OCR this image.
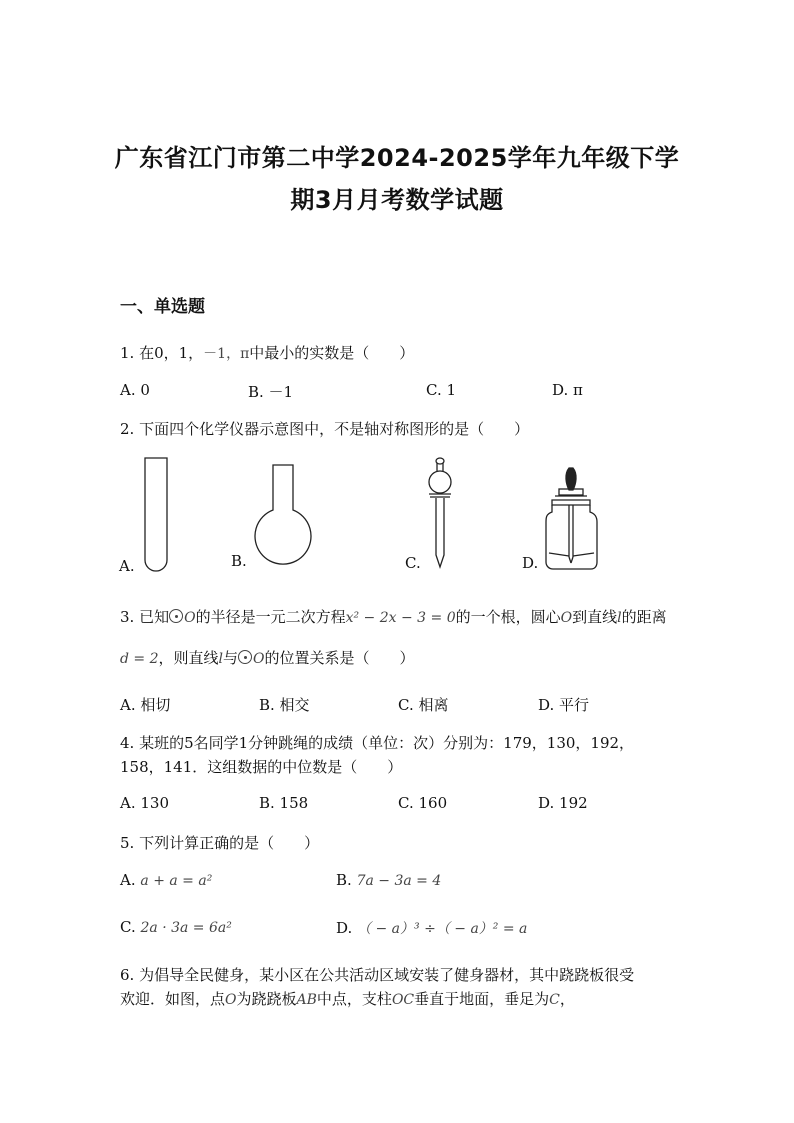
广东省江门市第二中学2024-2025学年九年级下学
期3月月考数学试题
一、单选题
1. 在0，1，－1，π中最小的实数是（　　）
A. 0	B. －1	C. 1	D. π
2. 下面四个化学仪器示意图中，不是轴对称图形的是（　　）
A.	B.	C.	D.
3. 已知 O的半径是一元二次方程x² − 2x − 3 = 0的一个根，圆心O到直线l的距离
d = 2，则直线l与 O的位置关系是（　　）
A. 相切	B. 相交	C. 相离	D. 平行
4. 某班的5名同学1分钟跳绳的成绩（单位：次）分别为：179，130，192，
158，141．这组数据的中位数是（　　）
A. 130	B. 158	C. 160	D. 192
5. 下列计算正确的是（　　）
A. a + a = a²	B. 7a − 3a = 4
C. 2a · 3a = 6a²	D. （ − a）³ ÷（ − a）² = a
6. 为倡导全民健身，某小区在公共活动区域安装了健身器材，其中跷跷板很受
欢迎．如图，点O为跷跷板AB中点，支柱OC垂直于地面，垂足为C，
